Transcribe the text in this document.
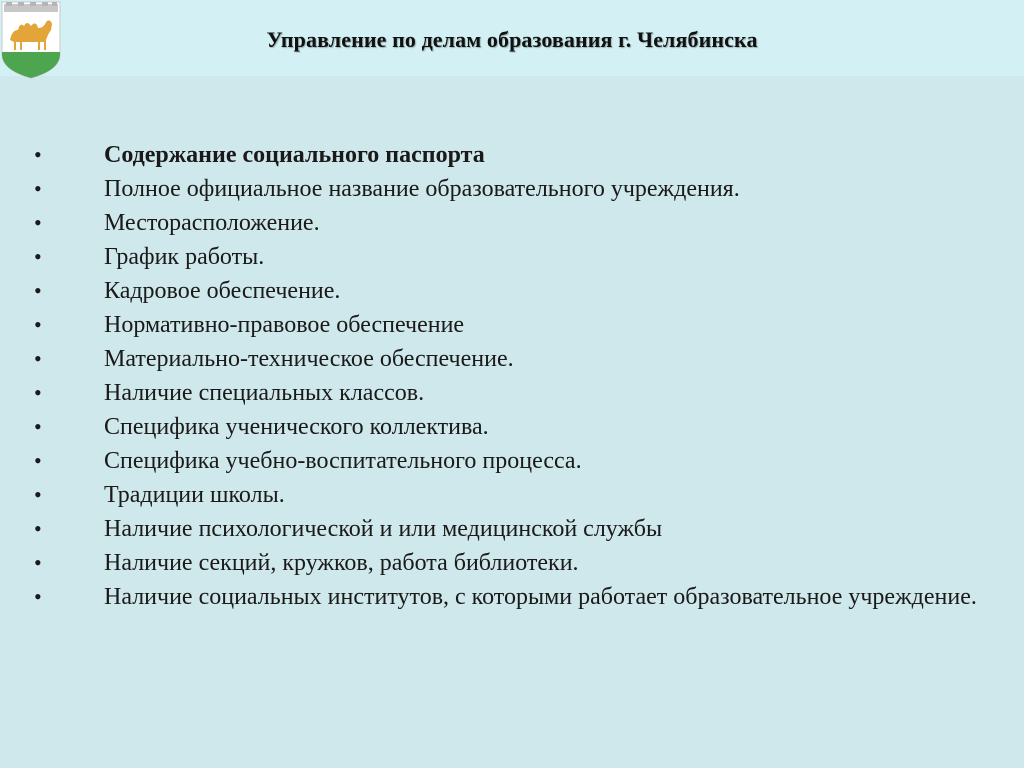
Управление по делам образования г. Челябинска
•	Содержание социального паспорта
•	Полное официальное название образовательного учреждения.
•	Месторасположение.
•	График работы.
•	Кадровое обеспечение.
•	Нормативно-правовое обеспечение
•	Материально-техническое обеспечение.
•	Наличие специальных классов.
•	Специфика ученического коллектива.
•	Специфика учебно-воспитательного процесса.
•	Традиции школы.
•	Наличие психологической и или медицинской службы
•	Наличие секций, кружков, работа библиотеки.
•	Наличие социальных институтов, с которыми работает образовательное учреждение.
